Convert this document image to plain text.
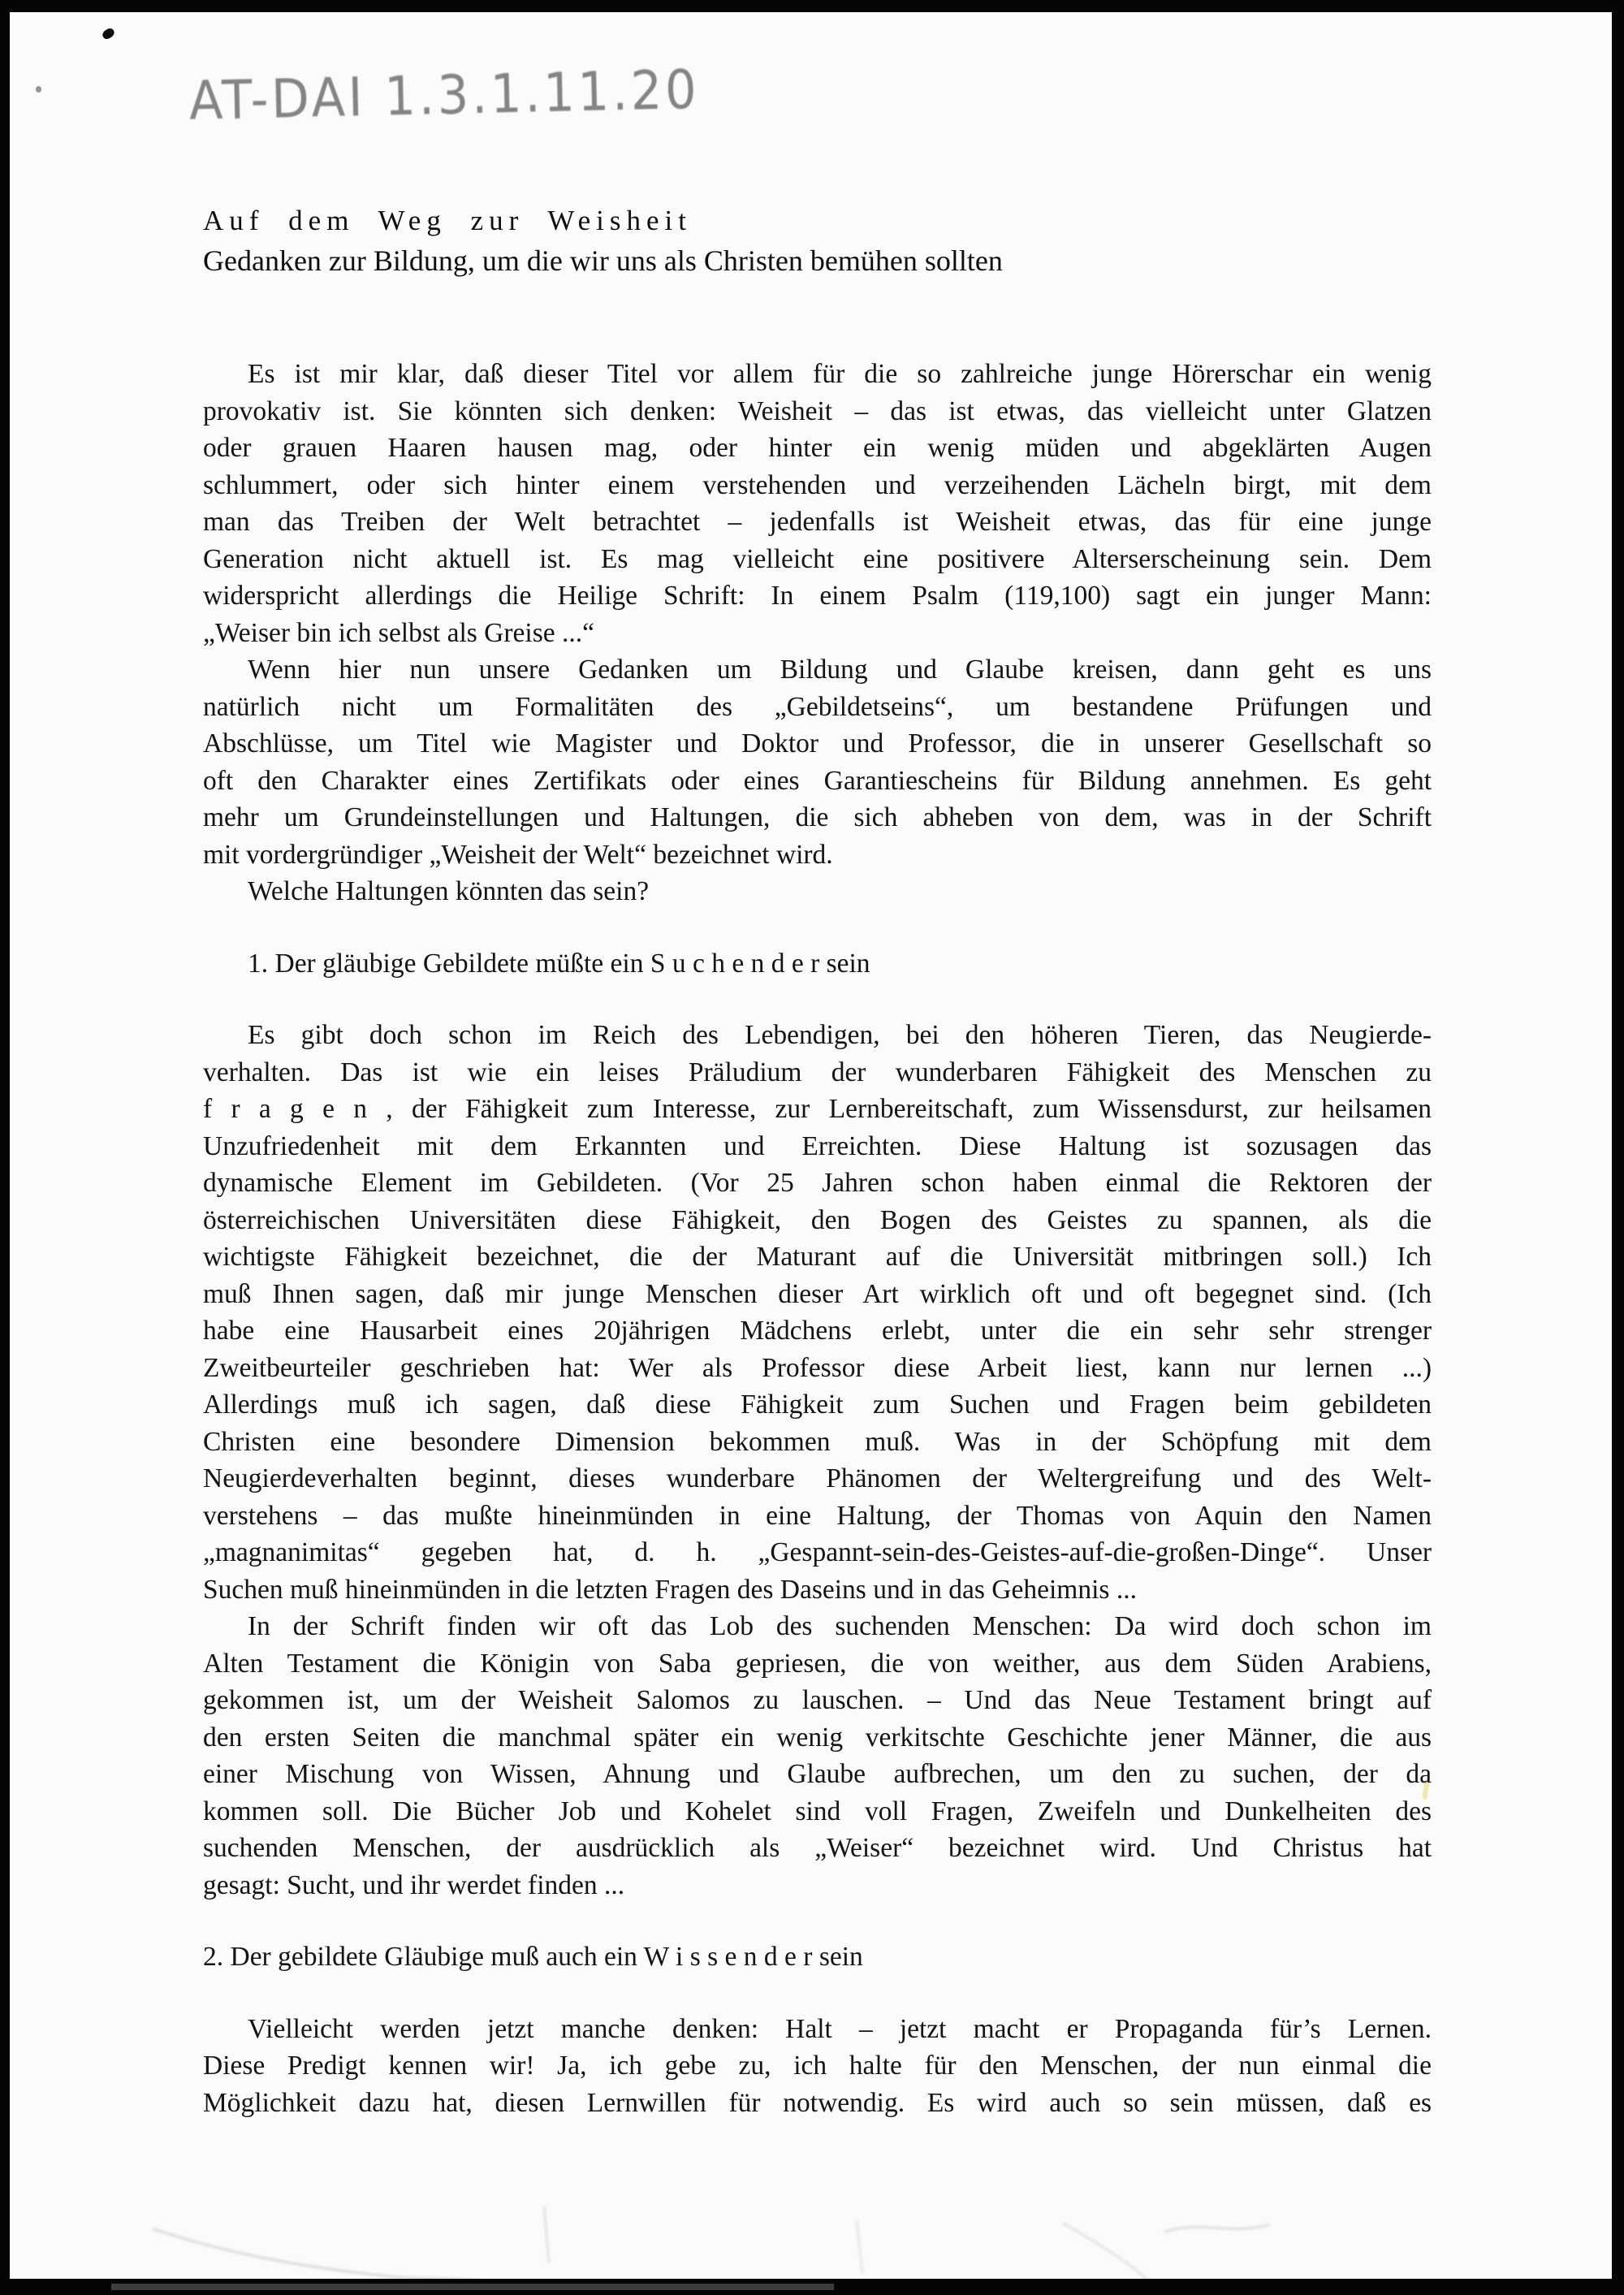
AT-DAI 1.3.1.11.20
Auf dem Weg zur Weisheit
Gedanken zur Bildung, um die wir uns als Christen bemühen sollten
Es ist mir klar, daß dieser Titel vor allem für die so zahlreiche junge Hörerschar ein wenig
provokativ ist. Sie könnten sich denken: Weisheit – das ist etwas, das vielleicht unter Glatzen
oder grauen Haaren hausen mag, oder hinter ein wenig müden und abgeklärten Augen
schlummert, oder sich hinter einem verstehenden und verzeihenden Lächeln birgt, mit dem
man das Treiben der Welt betrachtet – jedenfalls ist Weisheit etwas, das für eine junge
Generation nicht aktuell ist. Es mag vielleicht eine positivere Alterserscheinung sein. Dem
widerspricht allerdings die Heilige Schrift: In einem Psalm (119,100) sagt ein junger Mann:
„Weiser bin ich selbst als Greise ...“
Wenn hier nun unsere Gedanken um Bildung und Glaube kreisen, dann geht es uns
natürlich nicht um Formalitäten des „Gebildetseins“, um bestandene Prüfungen und
Abschlüsse, um Titel wie Magister und Doktor und Professor, die in unserer Gesellschaft so
oft den Charakter eines Zertifikats oder eines Garantiescheins für Bildung annehmen. Es geht
mehr um Grundeinstellungen und Haltungen, die sich abheben von dem, was in der Schrift
mit vordergründiger „Weisheit der Welt“ bezeichnet wird.
Welche Haltungen könnten das sein?
1. Der gläubige Gebildete müßte ein S u c h e n d e r sein
Es gibt doch schon im Reich des Lebendigen, bei den höheren Tieren, das Neugierde-
verhalten. Das ist wie ein leises Präludium der wunderbaren Fähigkeit des Menschen zu
f r a g e n , der Fähigkeit zum Interesse, zur Lernbereitschaft, zum Wissensdurst, zur heilsamen
Unzufriedenheit mit dem Erkannten und Erreichten. Diese Haltung ist sozusagen das
dynamische Element im Gebildeten. (Vor 25 Jahren schon haben einmal die Rektoren der
österreichischen Universitäten diese Fähigkeit, den Bogen des Geistes zu spannen, als die
wichtigste Fähigkeit bezeichnet, die der Maturant auf die Universität mitbringen soll.) Ich
muß Ihnen sagen, daß mir junge Menschen dieser Art wirklich oft und oft begegnet sind. (Ich
habe eine Hausarbeit eines 20jährigen Mädchens erlebt, unter die ein sehr sehr strenger
Zweitbeurteiler geschrieben hat: Wer als Professor diese Arbeit liest, kann nur lernen ...)
Allerdings muß ich sagen, daß diese Fähigkeit zum Suchen und Fragen beim gebildeten
Christen eine besondere Dimension bekommen muß. Was in der Schöpfung mit dem
Neugierdeverhalten beginnt, dieses wunderbare Phänomen der Weltergreifung und des Welt-
verstehens – das mußte hineinmünden in eine Haltung, der Thomas von Aquin den Namen
„magnanimitas“ gegeben hat, d. h. „Gespannt-sein-des-Geistes-auf-die-großen-Dinge“. Unser
Suchen muß hineinmünden in die letzten Fragen des Daseins und in das Geheimnis ...
In der Schrift finden wir oft das Lob des suchenden Menschen: Da wird doch schon im
Alten Testament die Königin von Saba gepriesen, die von weither, aus dem Süden Arabiens,
gekommen ist, um der Weisheit Salomos zu lauschen. – Und das Neue Testament bringt auf
den ersten Seiten die manchmal später ein wenig verkitschte Geschichte jener Männer, die aus
einer Mischung von Wissen, Ahnung und Glaube aufbrechen, um den zu suchen, der da
kommen soll. Die Bücher Job und Kohelet sind voll Fragen, Zweifeln und Dunkelheiten des
suchenden Menschen, der ausdrücklich als „Weiser“ bezeichnet wird. Und Christus hat
gesagt: Sucht, und ihr werdet finden ...
2. Der gebildete Gläubige muß auch ein W i s s e n d e r sein
Vielleicht werden jetzt manche denken: Halt – jetzt macht er Propaganda für’s Lernen.
Diese Predigt kennen wir! Ja, ich gebe zu, ich halte für den Menschen, der nun einmal die
Möglichkeit dazu hat, diesen Lernwillen für notwendig. Es wird auch so sein müssen, daß es
